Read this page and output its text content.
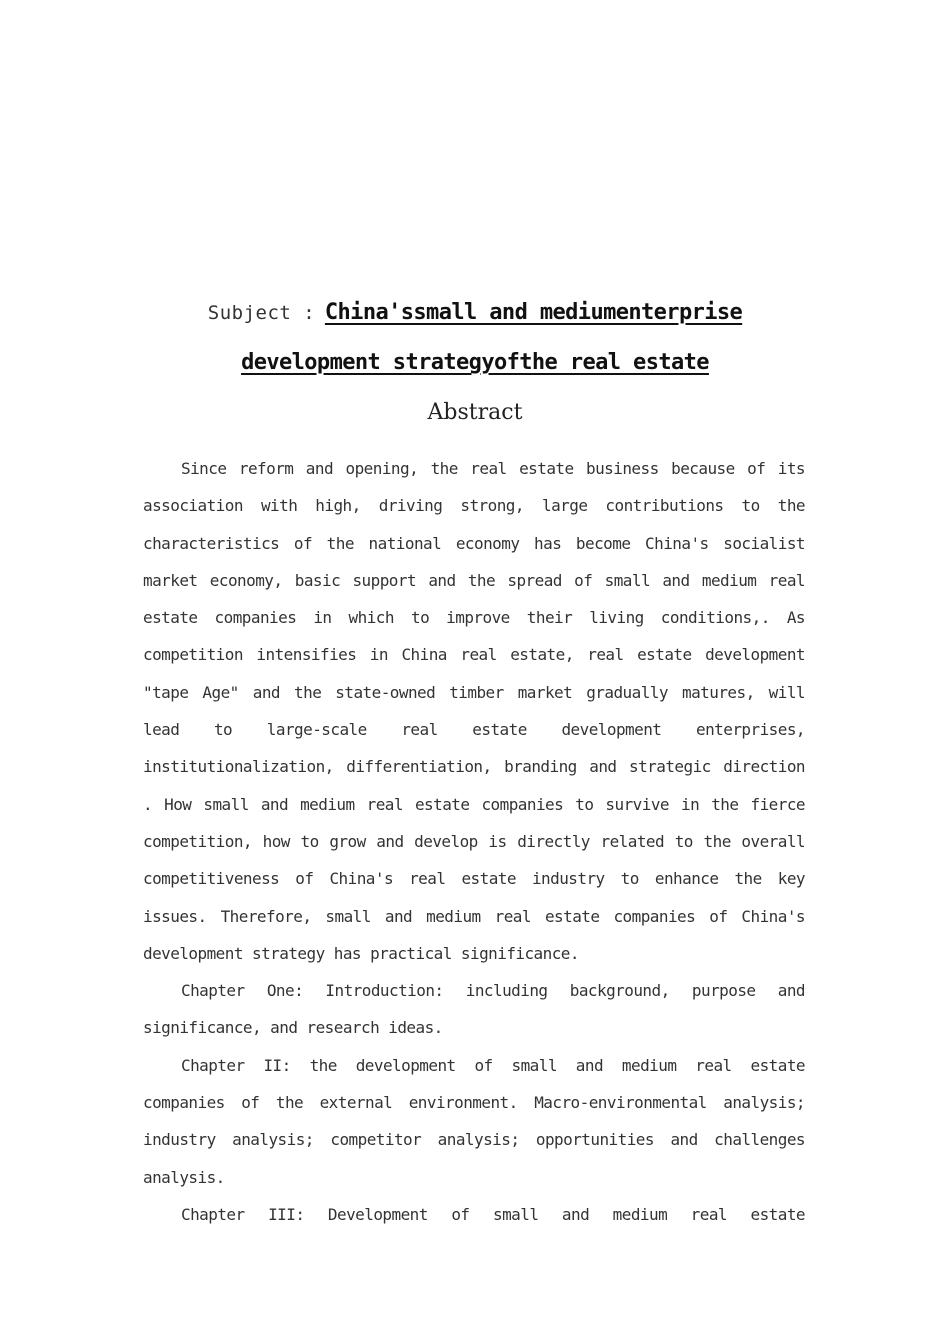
Subject : China'ssmall and mediumenterprise
development strategyofthe real estate
Abstract

Since reform and opening, the real estate business because of its association with high, driving strong, large contributions to the characteristics of the national economy has become China's socialist market economy, basic support and the spread of small and medium real estate companies in which to improve their living conditions,. As competition intensifies in China real estate, real estate development "tape Age" and the state-owned timber market gradually matures, will lead to large-scale real estate development enterprises, institutionalization, differentiation, branding and strategic direction . How small and medium real estate companies to survive in the fierce competition, how to grow and develop is directly related to the overall competitiveness of China's real estate industry to enhance the key issues. Therefore, small and medium real estate companies of China's development strategy has practical significance.

Chapter One: Introduction: including background, purpose and significance, and research ideas.

Chapter II: the development of small and medium real estate companies of the external environment. Macro-environmental analysis; industry analysis; competitor analysis; opportunities and challenges analysis.

Chapter III: Development of small and medium real estate
